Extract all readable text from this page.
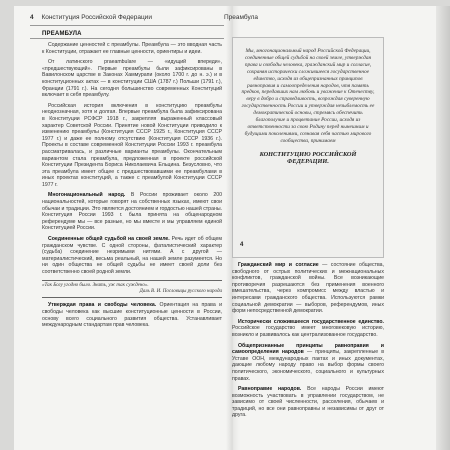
4 Конституция Российской Федерации	Преамбула
ПРЕАМБУЛА

Содержание ценностей с преамбулы. Преамбула — это вводная часть к Конституции, отражает ее главные ценности, ориентиры и идеи.

От латинского praeambulare — «идущий впереди», «предшествующий». Первые преамбулы были зафиксированы в Вавилонском царстве в Законах Хаммурапи (около 1700 г. до н. э.) и в конституционных актах — в конституции США (1787 г.) Польши (1791 г.), Франции (1791 г.). На сегодня большинство современных Конституций включает в себя преамбулу.

Российская история включения в конституцию преамбулы неоднозначная, хотя и долгая. Впервые преамбула была зафиксирована в Конституции РСФСР 1918 г., закрепляя выраженный классовый характер Советской России. Принятие новой Конституции приводило к изменению преамбулы (Конституция СССР 1925 г., Конституция СССР 1977 г.) и даже ее полному отсутствию (Конституция СССР 1936 г.). Проекты в составе современной Конституции России 1993 г. преамбула рассматривалась, и различные варианты преамбулы. Окончательным вариантом стала преамбула, предложенная в проекте российской Конституции Президента Бориса Николаевича Ельцина. Безусловно, что эта преамбула имеет общее с предшествовавшими ее преамбулами в иных проектах конституций, а также с преамбулой Конституции СССР 1977 г.

Многонациональный народ. В России проживает около 200 национальностей, которые говорят на собственных языках, имеют свои обычаи и традиции. Это является достоянием и гордостью нашей страны. Конституция России 1993 г. была принята на общенародном референдуме мы — все разные, но мы вместе и мы управляем единой Конституцией России.

Соединенные общей судьбой на своей земле. Речь идет об общем гражданском чувстве. С одной стороны, фаталистический характер (судьба) соединение незримыми нитями. А с другой — материалистический, весьма реальный, на нашей земле разумеется. Но ни один общества не общей судьбы не имеет своей доли без соответственно своей родной земли.

«Так Богу угодно было. Знать, уж так суждено».
Даль В. И. Пословицы русского народа

Утверждая права и свободы человека. Ориентация на права и свободы человека как высшие конституционные ценности в России, основу всего социального развития общества. Устанавливает международным стандартам прав человека.

Мы, многонациональный народ Российской Федерации, соединенные общей судьбой на своей земле, утверждая права и свободы человека, гражданский мир и согласие, сохраняя исторически сложившееся государственное единство, исходя из общепризнанных принципов равноправия и самоопределения народов, чтя память предков, передавших нам любовь и уважение к Отечеству, веру в добро и справедливость, возрождая суверенную государственность России и утверждая незыблемость ее демократической основы, стремясь обеспечить благополучие и процветание России, исходя из ответственности за свою Родину перед нынешним и будущими поколениями, сознавая себя частью мирового сообщества, принимаем
КОНСТИТУЦИЮ РОССИЙСКОЙ ФЕДЕРАЦИИ.
4

Гражданский мир и согласие — состояние общества, свободного от острых политических и межнациональных конфликтов, гражданской войны. Все возникающие противоречия разрешаются без применения военного вмешательства, через компромисс между властью и интересами гражданского общества. Используются рамки социальной демократии — выборов, референдумов, иных форм непосредственной демократии.

Исторически сложившееся государственное единство. Российское государство имеет многовековую историю, возникло и развивалось как централизованное государство.

Общепризнанные принципы равноправия и самоопределения народов — принципы, закрепленные в Уставе ООН, международных пактах и иных документах, дающие любому народу право на выбор формы своего политического, экономического, социального и культурных правах.

Равноправие народов. Все народы России имеют возможность участвовать в управлении государством, не зависимо от своей численности, расселения, обычаев и традиций, но все они равноправны и независимы от друг от друга.
